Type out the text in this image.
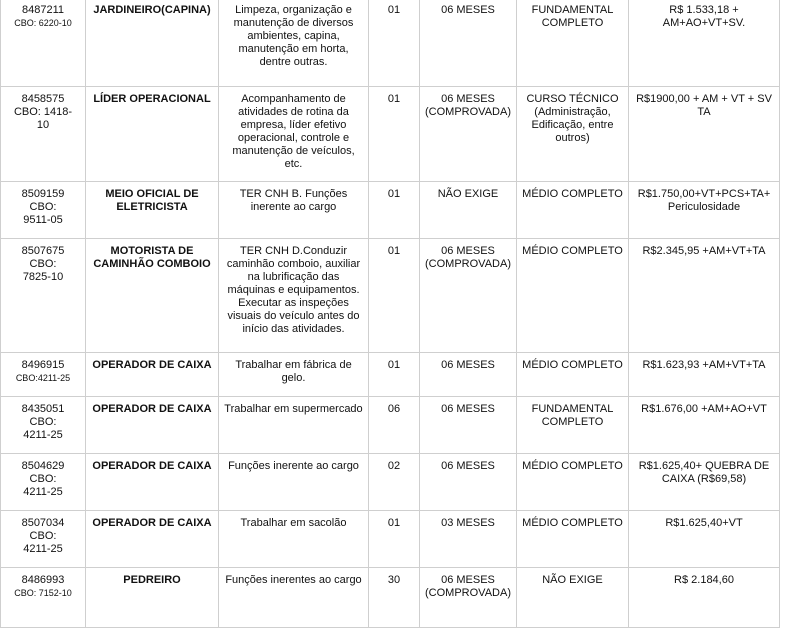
8487211
CBO: 6220-10	JARDINEIRO(CAPINA)	Limpeza, organização e manutenção de diversos ambientes, capina, manutenção em horta, dentre outras.	01	06 MESES	FUNDAMENTAL COMPLETO	R$ 1.533,18 + AM+AO+VT+SV.

8458575
CBO: 1418-
10	LÍDER OPERACIONAL	Acompanhamento de atividades de rotina da empresa, líder efetivo operacional, controle e manutenção de veículos, etc.	01	06 MESES (COMPROVADA)	CURSO TÉCNICO (Administração, Edificação, entre outros)	R$1900,00 + AM + VT + SV TA

8509159
CBO:
9511-05	MEIO OFICIAL DE ELETRICISTA	TER CNH B. Funções inerente ao cargo	01	NÃO EXIGE	MÉDIO COMPLETO	R$1.750,00+VT+PCS+TA+ Periculosidade

8507675
CBO:
7825-10	MOTORISTA DE CAMINHÃO COMBOIO	TER CNH D.Conduzir caminhão comboio, auxiliar na lubrificação das máquinas e equipamentos. Executar as inspeções visuais do veículo antes do início das atividades.	01	06 MESES (COMPROVADA)	MÉDIO COMPLETO	R$2.345,95 +AM+VT+TA

8496915
CBO:4211-25	OPERADOR DE CAIXA	Trabalhar em fábrica de gelo.	01	06 MESES	MÉDIO COMPLETO	R$1.623,93 +AM+VT+TA

8435051
CBO:
4211-25	OPERADOR DE CAIXA	Trabalhar em supermercado	06	06 MESES	FUNDAMENTAL COMPLETO	R$1.676,00 +AM+AO+VT

8504629
CBO:
4211-25	OPERADOR DE CAIXA	Funções inerente ao cargo	02	06 MESES	MÉDIO COMPLETO	R$1.625,40+ QUEBRA DE CAIXA (R$69,58)

8507034
CBO:
4211-25	OPERADOR DE CAIXA	Trabalhar em sacolão	01	03 MESES	MÉDIO COMPLETO	R$1.625,40+VT

8486993
CBO: 7152-10	PEDREIRO	Funções inerentes ao cargo	30	06 MESES (COMPROVADA)	NÃO EXIGE	R$ 2.184,60
